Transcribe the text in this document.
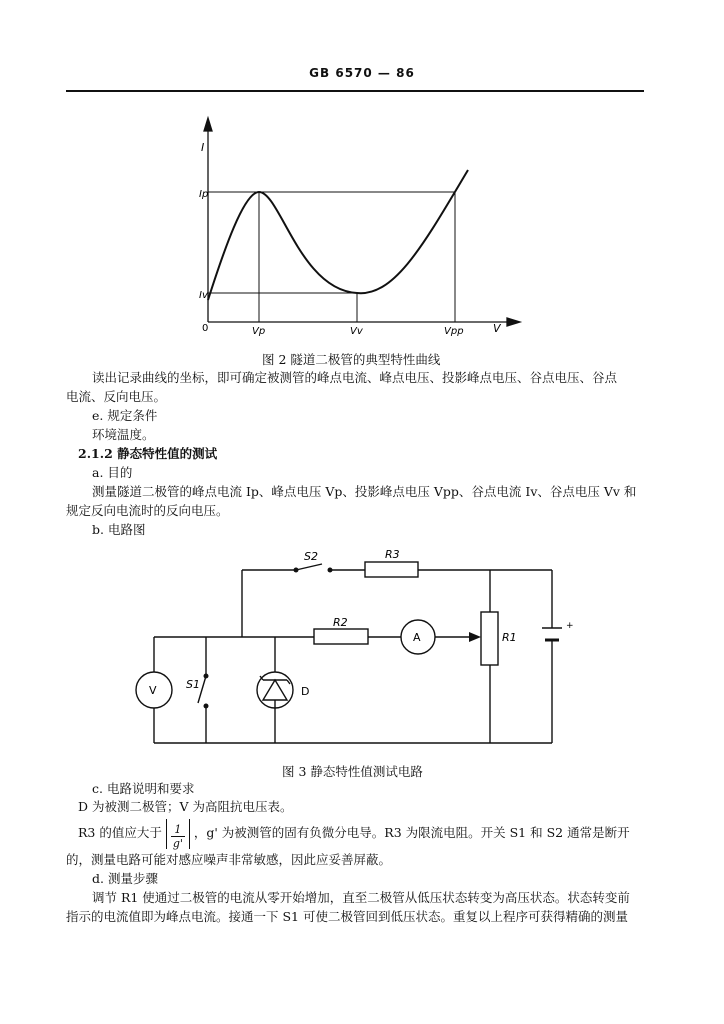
GB 6570 — 86
I
V
Ip
Iv
0	Vp	Vv	Vpp
图 2 隧道二极管的典型特性曲线
读出记录曲线的坐标，即可确定被测管的峰点电流、峰点电压、投影峰点电压、谷点电压、谷点
电流、反向电压。
e. 规定条件
环境温度。
2.1.2 静态特性值的测试
a. 目的
测量隧道二极管的峰点电流 Ip、峰点电压 Vp、投影峰点电压 Vpp、谷点电流 Iv、谷点电压 Vv 和
规定反向电流时的反向电压。
b. 电路图
S2	R3
R2
R1
A
V	S1
D
+
图 3 静态特性值测试电路
c. 电路说明和要求
D 为被测二极管；V 为高阻抗电压表。
R3 的值应大于 $\frac{1}{g'}$ ，g' 为被测管的固有负微分电导。R3 为限流电阻。开关 S1 和 S2 通常是断开
的，测量电路可能对感应噪声非常敏感，因此应妥善屏蔽。
d. 测量步骤
调节 R1 使通过二极管的电流从零开始增加，直至二极管从低压状态转变为高压状态。状态转变前
指示的电流值即为峰点电流。接通一下 S1 可使二极管回到低压状态。重复以上程序可获得精确的测量
